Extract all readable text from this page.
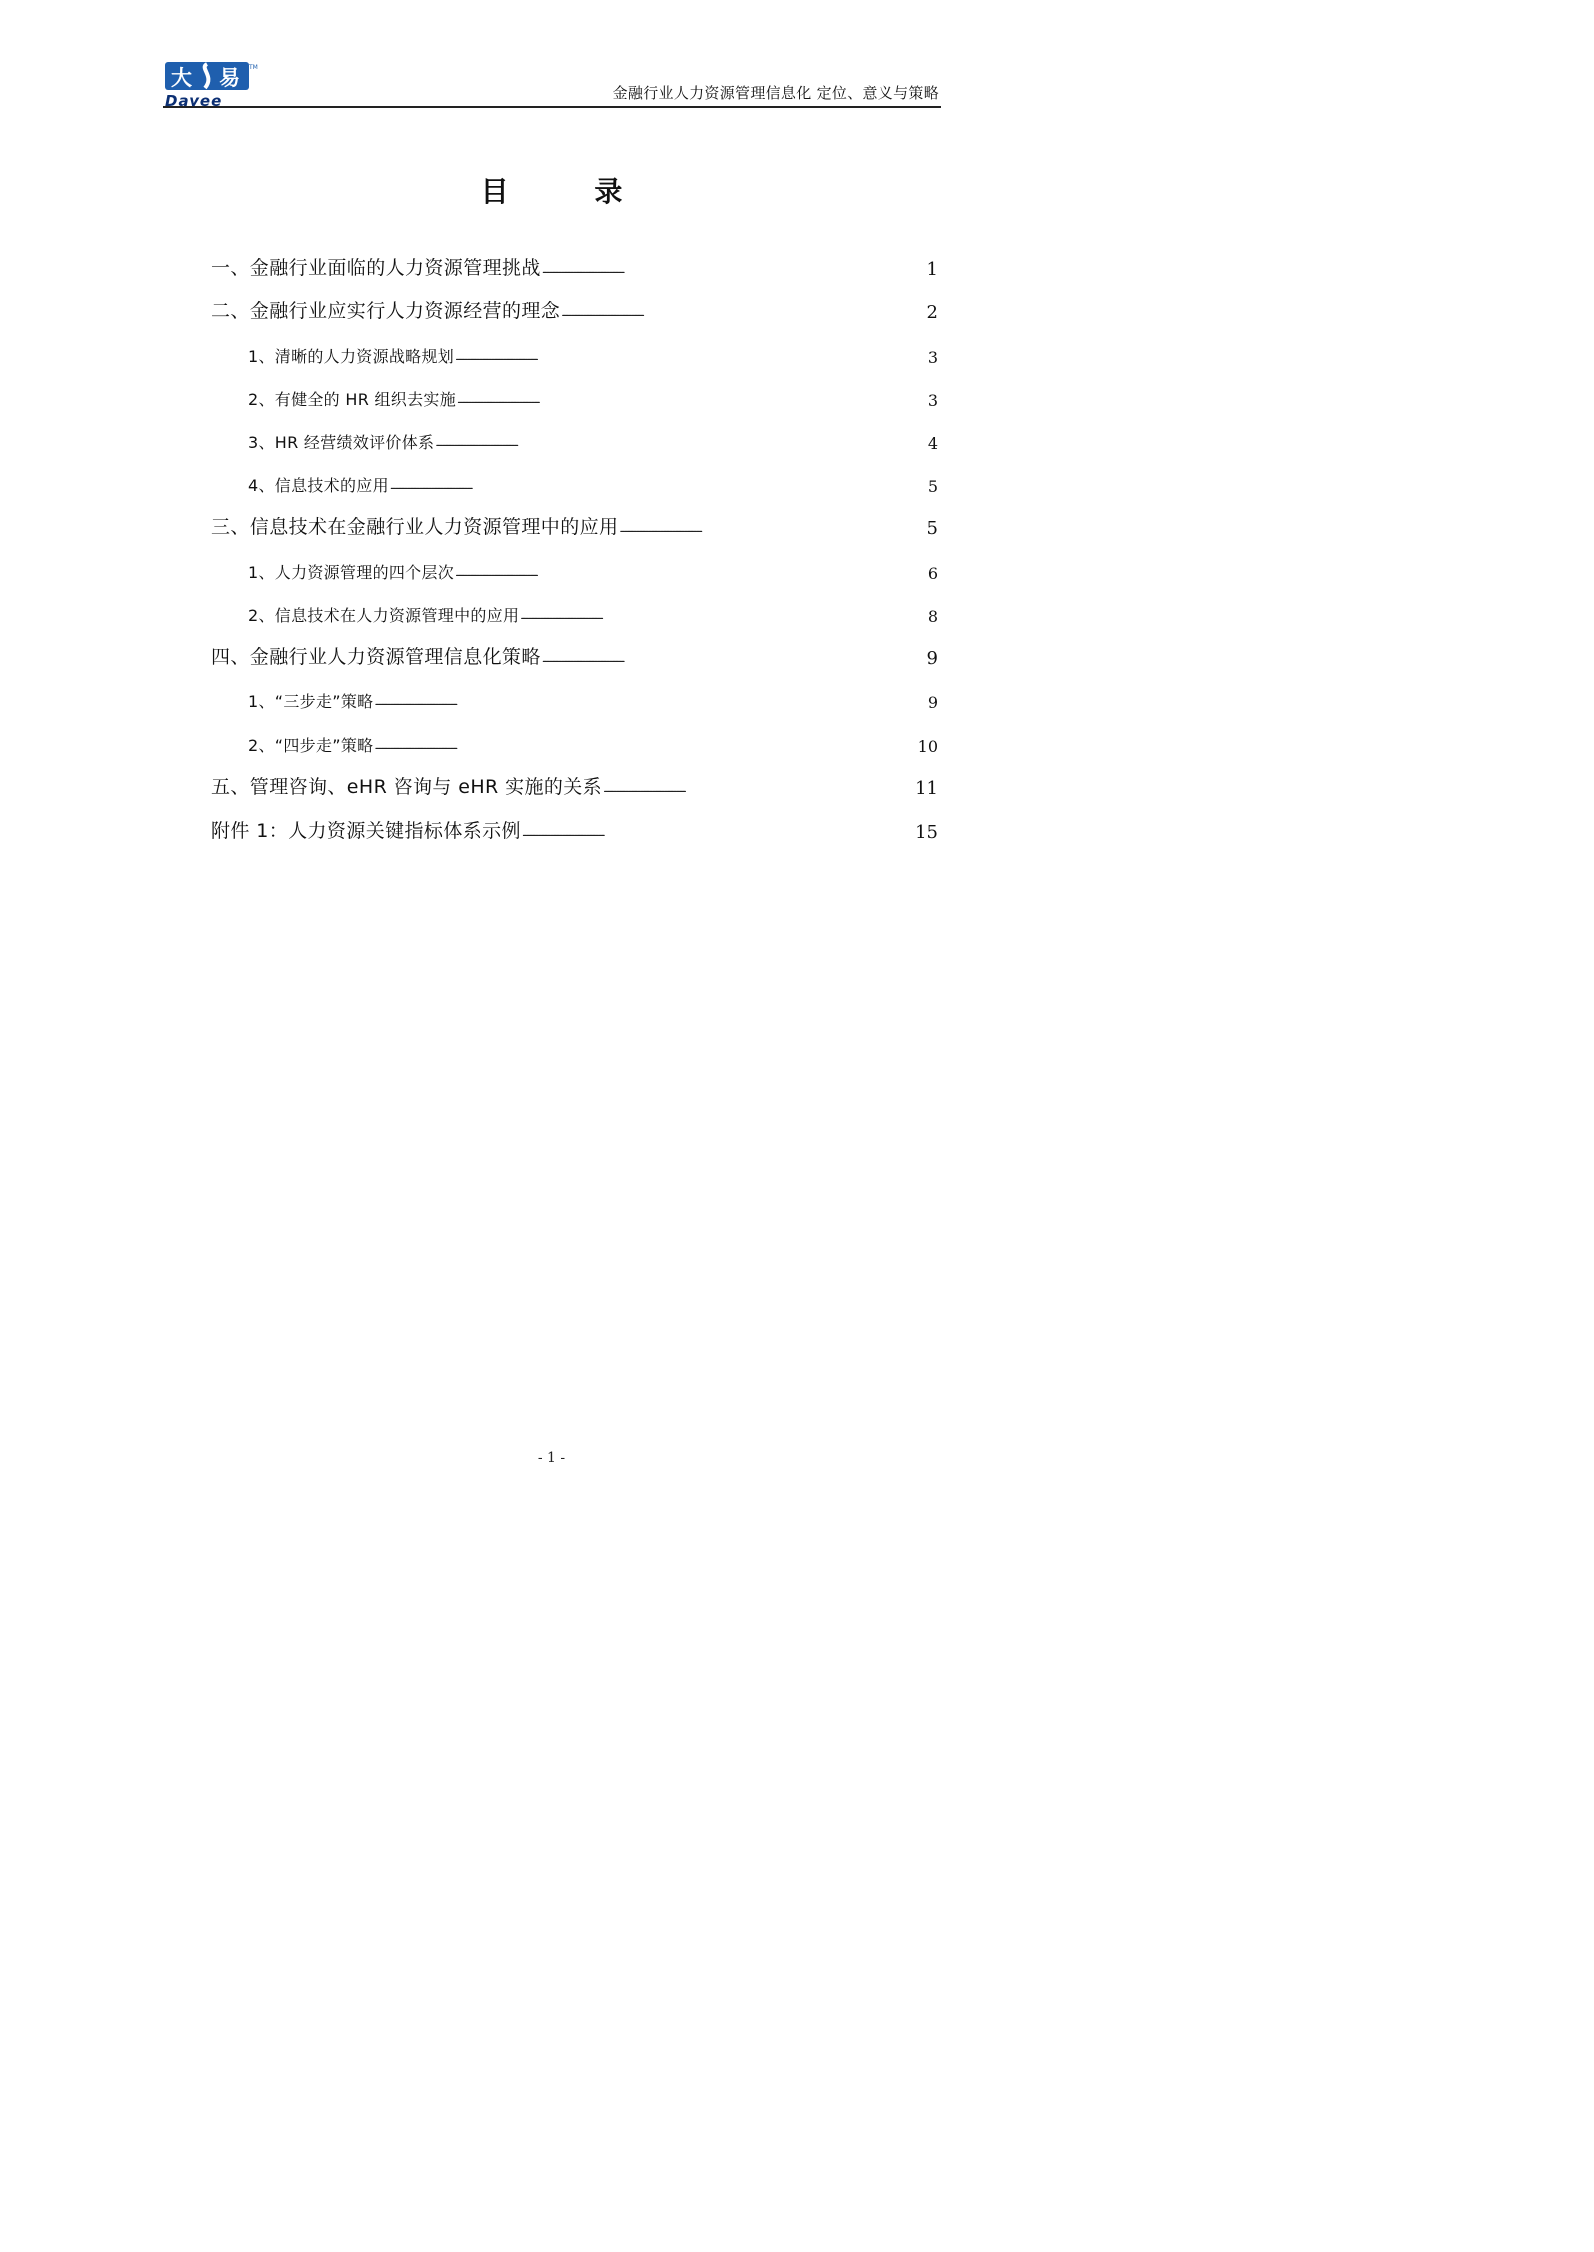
大 易 TM
Dayee	金融行业人力资源管理信息化 定位、意义与策略
目 录
一、金融行业面临的人力资源管理挑战 . . .	1
二、金融行业应实行人力资源经营的理念 . . .	2
1、清晰的人力资源战略规划 . . .	3
2、有健全的 HR 组织去实施 . . .	3
3、HR 经营绩效评价体系 . . .	4
4、信息技术的应用 . . .	5
三、信息技术在金融行业人力资源管理中的应用 . . .	5
1、人力资源管理的四个层次 . . .	6
2、信息技术在人力资源管理中的应用 . . .	8
四、金融行业人力资源管理信息化策略 . . .	9
1、“三步走”策略 . . .	9
2、“四步走”策略 . . .	10
五、管理咨询、eHR 咨询与 eHR 实施的关系 . . .	11
附件 1：人力资源关键指标体系示例 . . .	15
- 1 -
